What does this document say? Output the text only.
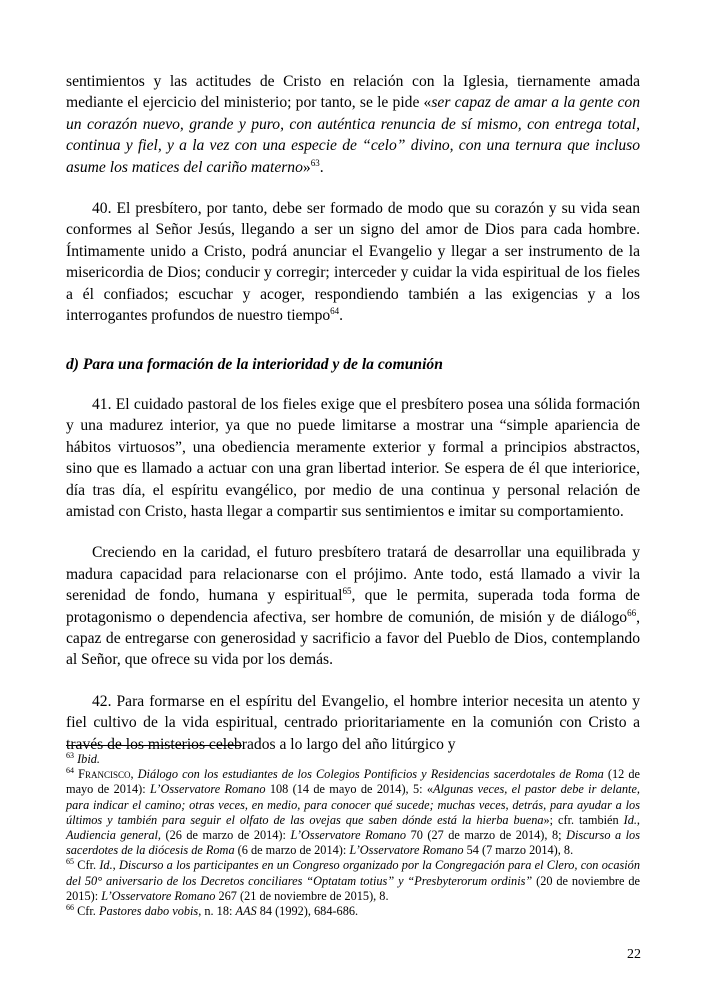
sentimientos y las actitudes de Cristo en relación con la Iglesia, tiernamente amada mediante el ejercicio del ministerio; por tanto, se le pide «ser capaz de amar a la gente con un corazón nuevo, grande y puro, con auténtica renuncia de sí mismo, con entrega total, continua y fiel, y a la vez con una especie de “celo” divino, con una ternura que incluso asume los matices del cariño materno»$^{63}$.

40. El presbítero, por tanto, debe ser formado de modo que su corazón y su vida sean conformes al Señor Jesús, llegando a ser un signo del amor de Dios para cada hombre. Íntimamente unido a Cristo, podrá anunciar el Evangelio y llegar a ser instrumento de la misericordia de Dios; conducir y corregir; interceder y cuidar la vida espiritual de los fieles a él confiados; escuchar y acoger, respondiendo también a las exigencias y a los interrogantes profundos de nuestro tiempo$^{64}$.

d) Para una formación de la interioridad y de la comunión

41. El cuidado pastoral de los fieles exige que el presbítero posea una sólida formación y una madurez interior, ya que no puede limitarse a mostrar una “simple apariencia de hábitos virtuosos”, una obediencia meramente exterior y formal a principios abstractos, sino que es llamado a actuar con una gran libertad interior. Se espera de él que interiorice, día tras día, el espíritu evangélico, por medio de una continua y personal relación de amistad con Cristo, hasta llegar a compartir sus sentimientos e imitar su comportamiento.

Creciendo en la caridad, el futuro presbítero tratará de desarrollar una equilibrada y madura capacidad para relacionarse con el prójimo. Ante todo, está llamado a vivir la serenidad de fondo, humana y espiritual$^{65}$, que le permita, superada toda forma de protagonismo o dependencia afectiva, ser hombre de comunión, de misión y de diálogo$^{66}$, capaz de entregarse con generosidad y sacrificio a favor del Pueblo de Dios, contemplando al Señor, que ofrece su vida por los demás.

42. Para formarse en el espíritu del Evangelio, el hombre interior necesita un atento y fiel cultivo de la vida espiritual, centrado prioritariamente en la comunión con Cristo a través de los misterios celebrados a lo largo del año litúrgico y

$^{63}$ Ibid.

$^{64}$ Francisco, Diálogo con los estudiantes de los Colegios Pontificios y Residencias sacerdotales de Roma (12 de mayo de 2014): L’Osservatore Romano 108 (14 de mayo de 2014), 5: «Algunas veces, el pastor debe ir delante, para indicar el camino; otras veces, en medio, para conocer qué sucede; muchas veces, detrás, para ayudar a los últimos y también para seguir el olfato de las ovejas que saben dónde está la hierba buena»; cfr. también Id., Audiencia general, (26 de marzo de 2014): L’Osservatore Romano 70 (27 de marzo de 2014), 8; Discurso a los sacerdotes de la diócesis de Roma (6 de marzo de 2014): L’Osservatore Romano 54 (7 marzo 2014), 8.

$^{65}$ Cfr. Id., Discurso a los participantes en un Congreso organizado por la Congregación para el Clero, con ocasión del 50° aniversario de los Decretos conciliares “Optatam totius” y “Presbyterorum ordinis” (20 de noviembre de 2015): L’Osservatore Romano 267 (21 de noviembre de 2015), 8.

$^{66}$ Cfr. Pastores dabo vobis, n. 18: AAS 84 (1992), 684-686.

22
